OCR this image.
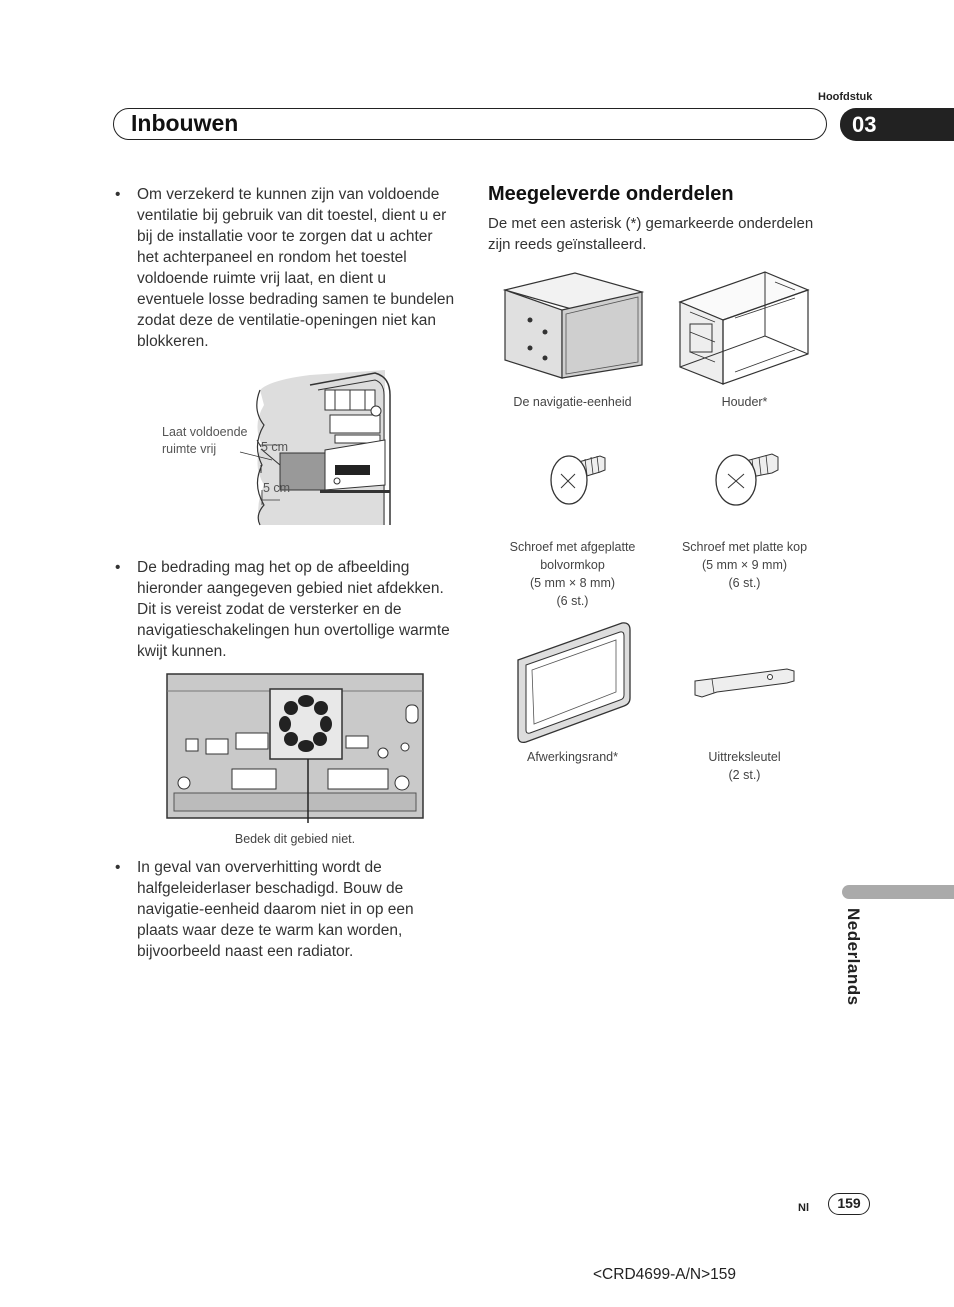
Hoofdstuk
Inbouwen	03
• Om verzekerd te kunnen zijn van voldoende ventilatie bij gebruik van dit toestel, dient u er bij de installatie voor te zorgen dat u achter het achterpaneel en rondom het toestel voldoende ruimte vrij laat, en dient u eventuele losse bedrading samen te bundelen zodat deze de ventilatie-openingen niet kan blokkeren.
Laat voldoende
ruimte vrij	5 cm
5 cm
• De bedrading mag het op de afbeelding hieronder aangegeven gebied niet afdekken. Dit is vereist zodat de versterker en de navigatieschakelingen hun overtollige warmte kwijt kunnen.
Bedek dit gebied niet.
• In geval van oververhitting wordt de halfgeleiderlaser beschadigd. Bouw de navigatie-eenheid daarom niet in op een plaats waar deze te warm kan worden, bijvoorbeeld naast een radiator.
Meegeleverde onderdelen
De met een asterisk (*) gemarkeerde onderdelen zijn reeds geïnstalleerd.
De navigatie-eenheid	Houder*
Schroef met afgeplatte
bolvormkop
(5 mm × 8 mm)
(6 st.)
Schroef met platte kop
(5 mm × 9 mm)
(6 st.)
Afwerkingsrand*	Uittreksleutel
(2 st.)
Nederlands
Nl	159
<CRD4699-A/N>159
